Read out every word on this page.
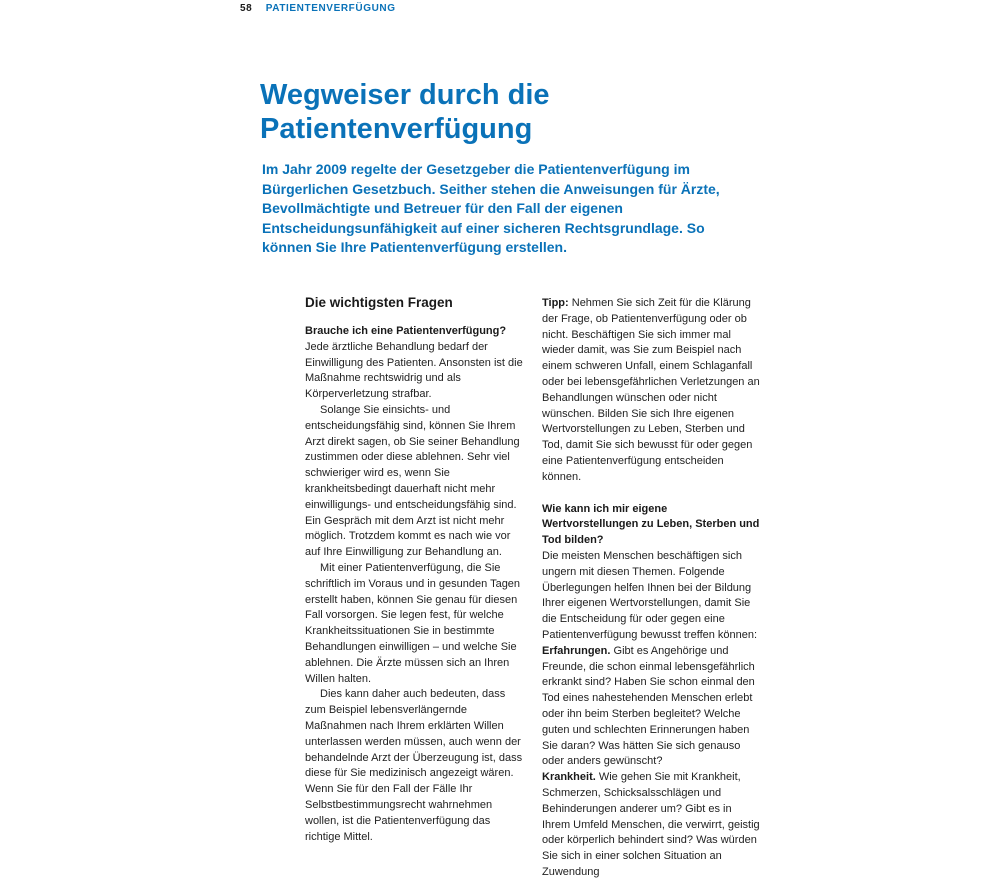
58 PATIENTENVERFÜGUNG
Wegweiser durch die Patientenverfügung

Im Jahr 2009 regelte der Gesetzgeber die Patientenverfügung im Bürgerlichen Gesetzbuch. Seither stehen die Anweisungen für Ärzte, Bevollmächtigte und Betreuer für den Fall der eigenen Entscheidungsunfähigkeit auf einer sicheren Rechtsgrundlage. So können Sie Ihre Patientenverfügung erstellen.

Die wichtigsten Fragen

Brauche ich eine Patientenverfügung?

Jede ärztliche Behandlung bedarf der Einwilligung des Patienten. Ansonsten ist die Maßnahme rechtswidrig und als Körperverletzung strafbar.

Solange Sie einsichts- und entscheidungsfähig sind, können Sie Ihrem Arzt direkt sagen, ob Sie seiner Behandlung zustimmen oder diese ablehnen. Sehr viel schwieriger wird es, wenn Sie krankheitsbedingt dauerhaft nicht mehr einwilligungs- und entscheidungsfähig sind. Ein Gespräch mit dem Arzt ist nicht mehr möglich. Trotzdem kommt es nach wie vor auf Ihre Einwilligung zur Behandlung an.

Mit einer Patientenverfügung, die Sie schriftlich im Voraus und in gesunden Tagen erstellt haben, können Sie genau für diesen Fall vorsorgen. Sie legen fest, für welche Krankheitssituationen Sie in bestimmte Behandlungen einwilligen – und welche Sie ablehnen. Die Ärzte müssen sich an Ihren Willen halten.

Dies kann daher auch bedeuten, dass zum Beispiel lebensverlängernde Maßnahmen nach Ihrem erklärten Willen unterlassen werden müssen, auch wenn der behandelnde Arzt der Überzeugung ist, dass diese für Sie medizinisch angezeigt wären. Wenn Sie für den Fall der Fälle Ihr Selbstbestimmungsrecht wahrnehmen wollen, ist die Patientenverfügung das richtige Mittel.

Tipp: Nehmen Sie sich Zeit für die Klärung der Frage, ob Patientenverfügung oder ob nicht. Beschäftigen Sie sich immer mal wieder damit, was Sie zum Beispiel nach einem schweren Unfall, einem Schlaganfall oder bei lebensgefährlichen Verletzungen an Behandlungen wünschen oder nicht wünschen. Bilden Sie sich Ihre eigenen Wertvorstellungen zu Leben, Sterben und Tod, damit Sie sich bewusst für oder gegen eine Patientenverfügung entscheiden können.

Wie kann ich mir eigene Wertvorstellungen zu Leben, Sterben und Tod bilden?

Die meisten Menschen beschäftigen sich ungern mit diesen Themen. Folgende Überlegungen helfen Ihnen bei der Bildung Ihrer eigenen Wertvorstellungen, damit Sie die Entscheidung für oder gegen eine Patientenverfügung bewusst treffen können:

Erfahrungen. Gibt es Angehörige und Freunde, die schon einmal lebensgefährlich erkrankt sind? Haben Sie schon einmal den Tod eines nahestehenden Menschen erlebt oder ihn beim Sterben begleitet? Welche guten und schlechten Erinnerungen haben Sie daran? Was hätten Sie sich genauso oder anders gewünscht?

Krankheit. Wie gehen Sie mit Krankheit, Schmerzen, Schicksalsschlägen und Behinderungen anderer um? Gibt es in Ihrem Umfeld Menschen, die verwirrt, geistig oder körperlich behindert sind? Was würden Sie sich in einer solchen Situation an Zuwendung
